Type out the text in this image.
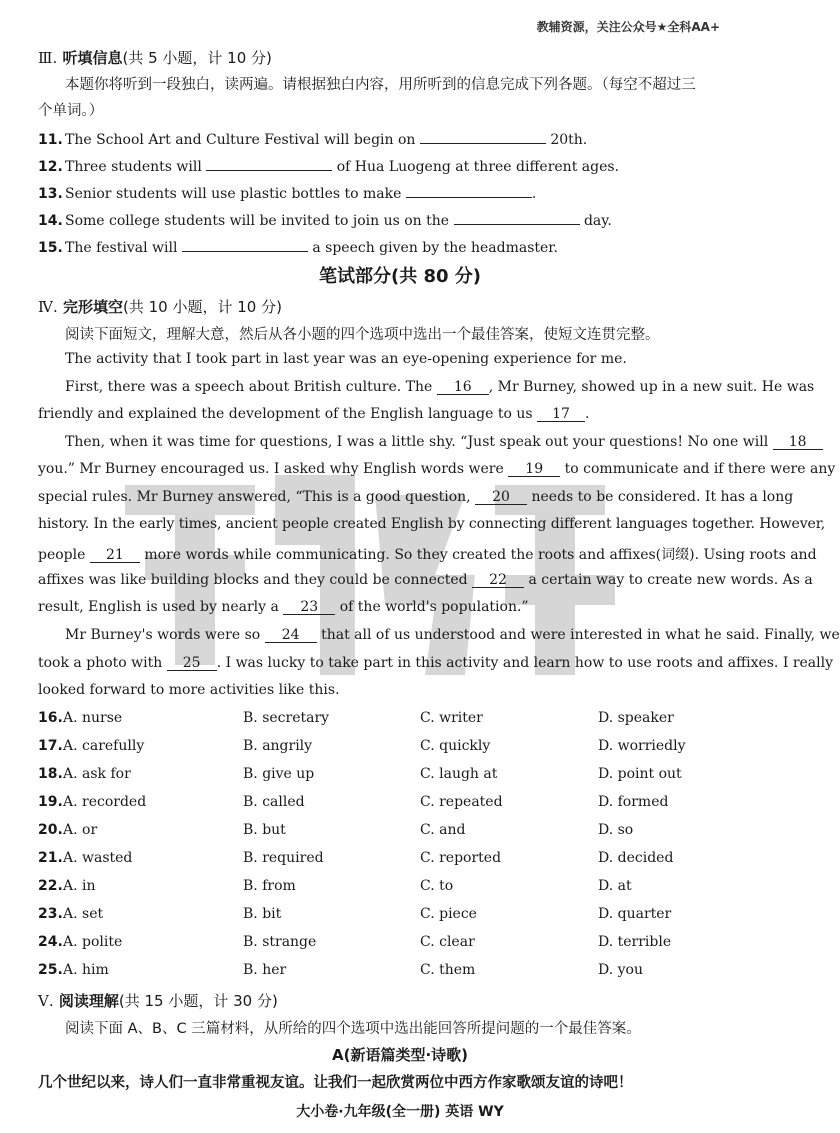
教辅资源，关注公众号★全科AA+
Ⅲ. 听填信息(共 5 小题，计 10 分)
本题你将听到一段独白，读两遍。请根据独白内容，用所听到的信息完成下列各题。（每空不超过三
个单词。）
11. The School Art and Culture Festival will begin on	20th.
12. Three students will	of Hua Luogeng at three different ages.
13. Senior students will use plastic bottles to make	.
14. Some college students will be invited to join us on the	day.
15. The festival will	a speech given by the headmaster.
笔试部分(共 80 分)
Ⅳ. 完形填空(共 10 小题，计 10 分)
阅读下面短文，理解大意，然后从各小题的四个选项中选出一个最佳答案，使短文连贯完整。
The activity that I took part in last year was an eye-opening experience for me.
First, there was a speech about British culture. The 16 , Mr Burney, showed up in a new suit. He was
friendly and explained the development of the English language to us 17 .
Then, when it was time for questions, I was a little shy. “Just speak out your questions! No one will 18
you.” Mr Burney encouraged us. I asked why English words were 19 to communicate and if there were any
special rules. Mr Burney answered, “This is a good question, 20 needs to be considered. It has a long
history. In the early times, ancient people created English by connecting different languages together. However,
people 21 more words while communicating. So they created the roots and affixes(词缀). Using roots and
affixes was like building blocks and they could be connected 22 a certain way to create new words. As a
result, English is used by nearly a 23 of the world's population.”
Mr Burney's words were so 24 that all of us understood and were interested in what he said. Finally, we
took a photo with 25 . I was lucky to take part in this activity and learn how to use roots and affixes. I really
looked forward to more activities like this.
16. A. nurse	B. secretary	C. writer	D. speaker
17. A. carefully	B. angrily	C. quickly	D. worriedly
18. A. ask for	B. give up	C. laugh at	D. point out
19. A. recorded	B. called	C. repeated	D. formed
20. A. or	B. but	C. and	D. so
21. A. wasted	B. required	C. reported	D. decided
22. A. in	B. from	C. to	D. at
23. A. set	B. bit	C. piece	D. quarter
24. A. polite	B. strange	C. clear	D. terrible
25. A. him	B. her	C. them	D. you
Ⅴ. 阅读理解(共 15 小题，计 30 分)
阅读下面 A、B、C 三篇材料，从所给的四个选项中选出能回答所提问题的一个最佳答案。
A(新语篇类型·诗歌)
几个世纪以来，诗人们一直非常重视友谊。让我们一起欣赏两位中西方作家歌颂友谊的诗吧！
大小卷·九年级(全一册) 英语 WY
